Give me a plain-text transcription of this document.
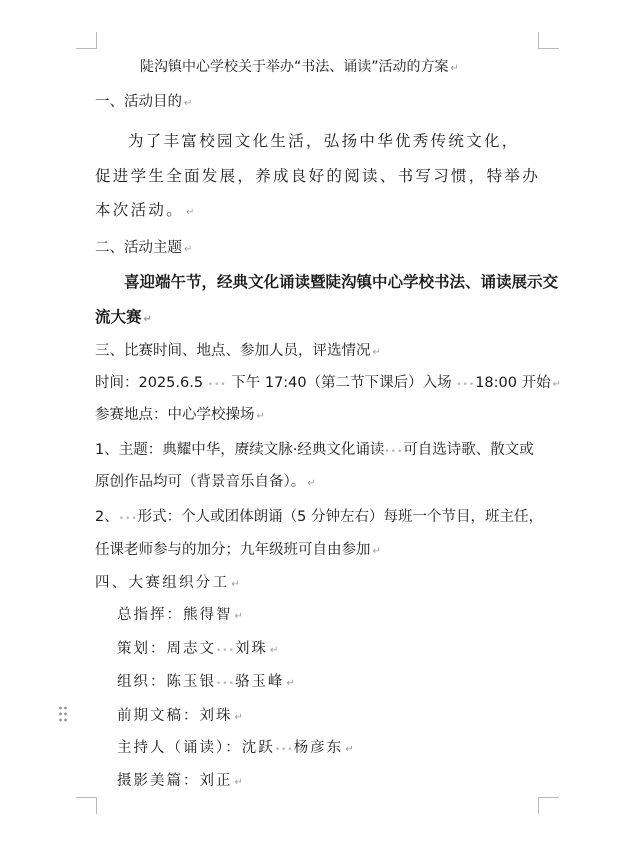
陡沟镇中心学校关于举办“书法、诵读”活动的方案 ↵
一、活动目的 ↵
为了丰富校园文化生活，弘扬中华优秀传统文化，
促进学生全面发展，养成良好的阅读、书写习惯，特举办
本次活动。 ↵
二、活动主题 ↵
喜迎端午节，经典文化诵读暨陡沟镇中心学校书法、诵读展示交
流大赛 ↵
三、比赛时间、地点、参加人员，评选情况 ↵
时间：2025.6.5 ••• 下午 17:40（第二节下课后）入场 •••18:00 开始 ↵
参赛地点：中心学校操场 ↵
1、主题：典耀中华，赓续文脉·经典文化诵读•••可自选诗歌、散文或
原创作品均可（背景音乐自备）。 ↵
2、•••形式：个人或团体朗诵（5 分钟左右）每班一个节目，班主任，
任课老师参与的加分；九年级班可自由参加 ↵
四、大赛组织分工 ↵
总指挥：熊得智 ↵
策划：周志文•••刘珠 ↵
组织：陈玉银•••骆玉峰 ↵
前期文稿：刘珠 ↵
主持人（诵读）：沈跃•••杨彦东 ↵
摄影美篇：刘正 ↵
